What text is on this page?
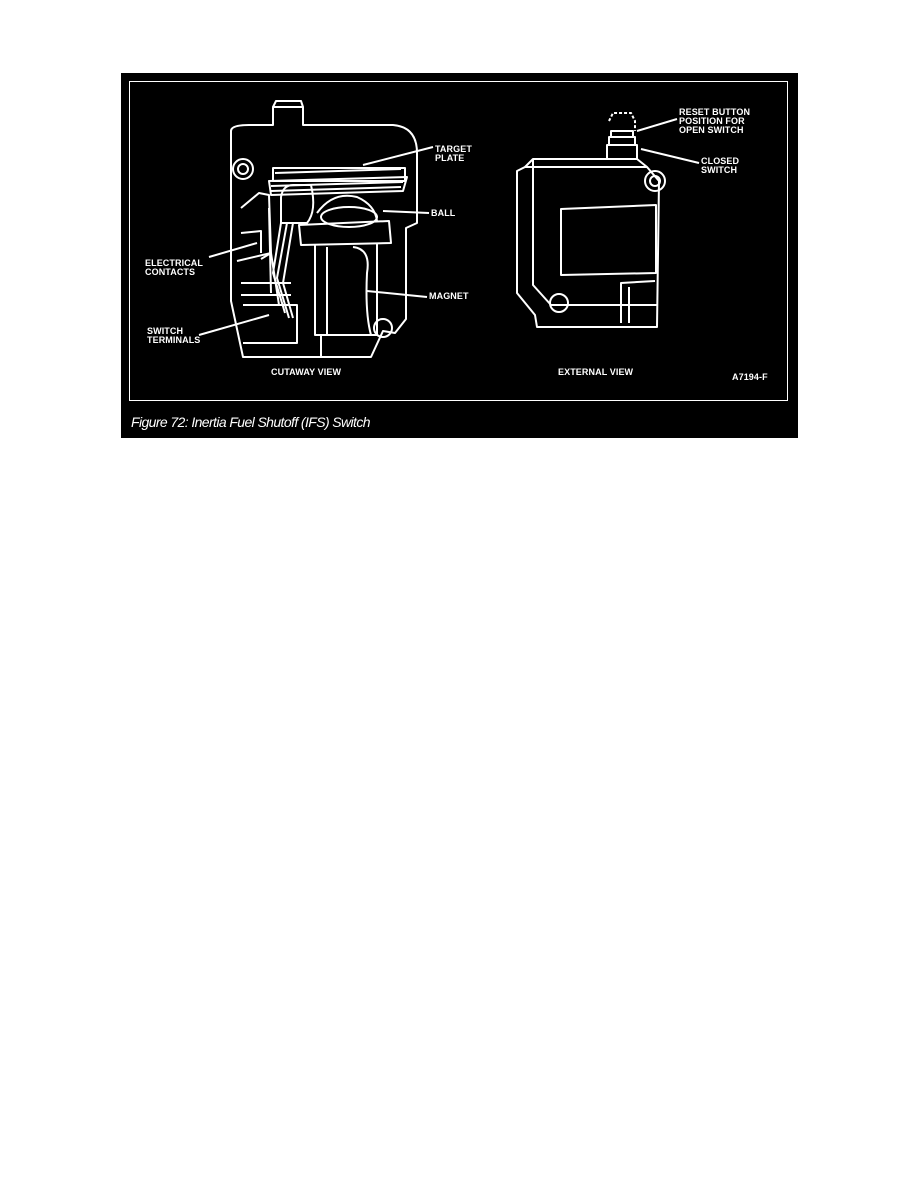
TARGET
PLATE
BALL
ELECTRICAL
CONTACTS
MAGNET
SWITCH
TERMINALS
RESET BUTTON
POSITION FOR
OPEN SWITCH
CLOSED
SWITCH
CUTAWAY VIEW	EXTERNAL VIEW	A7194-F
Figure 72: Inertia Fuel Shutoff (IFS) Switch
